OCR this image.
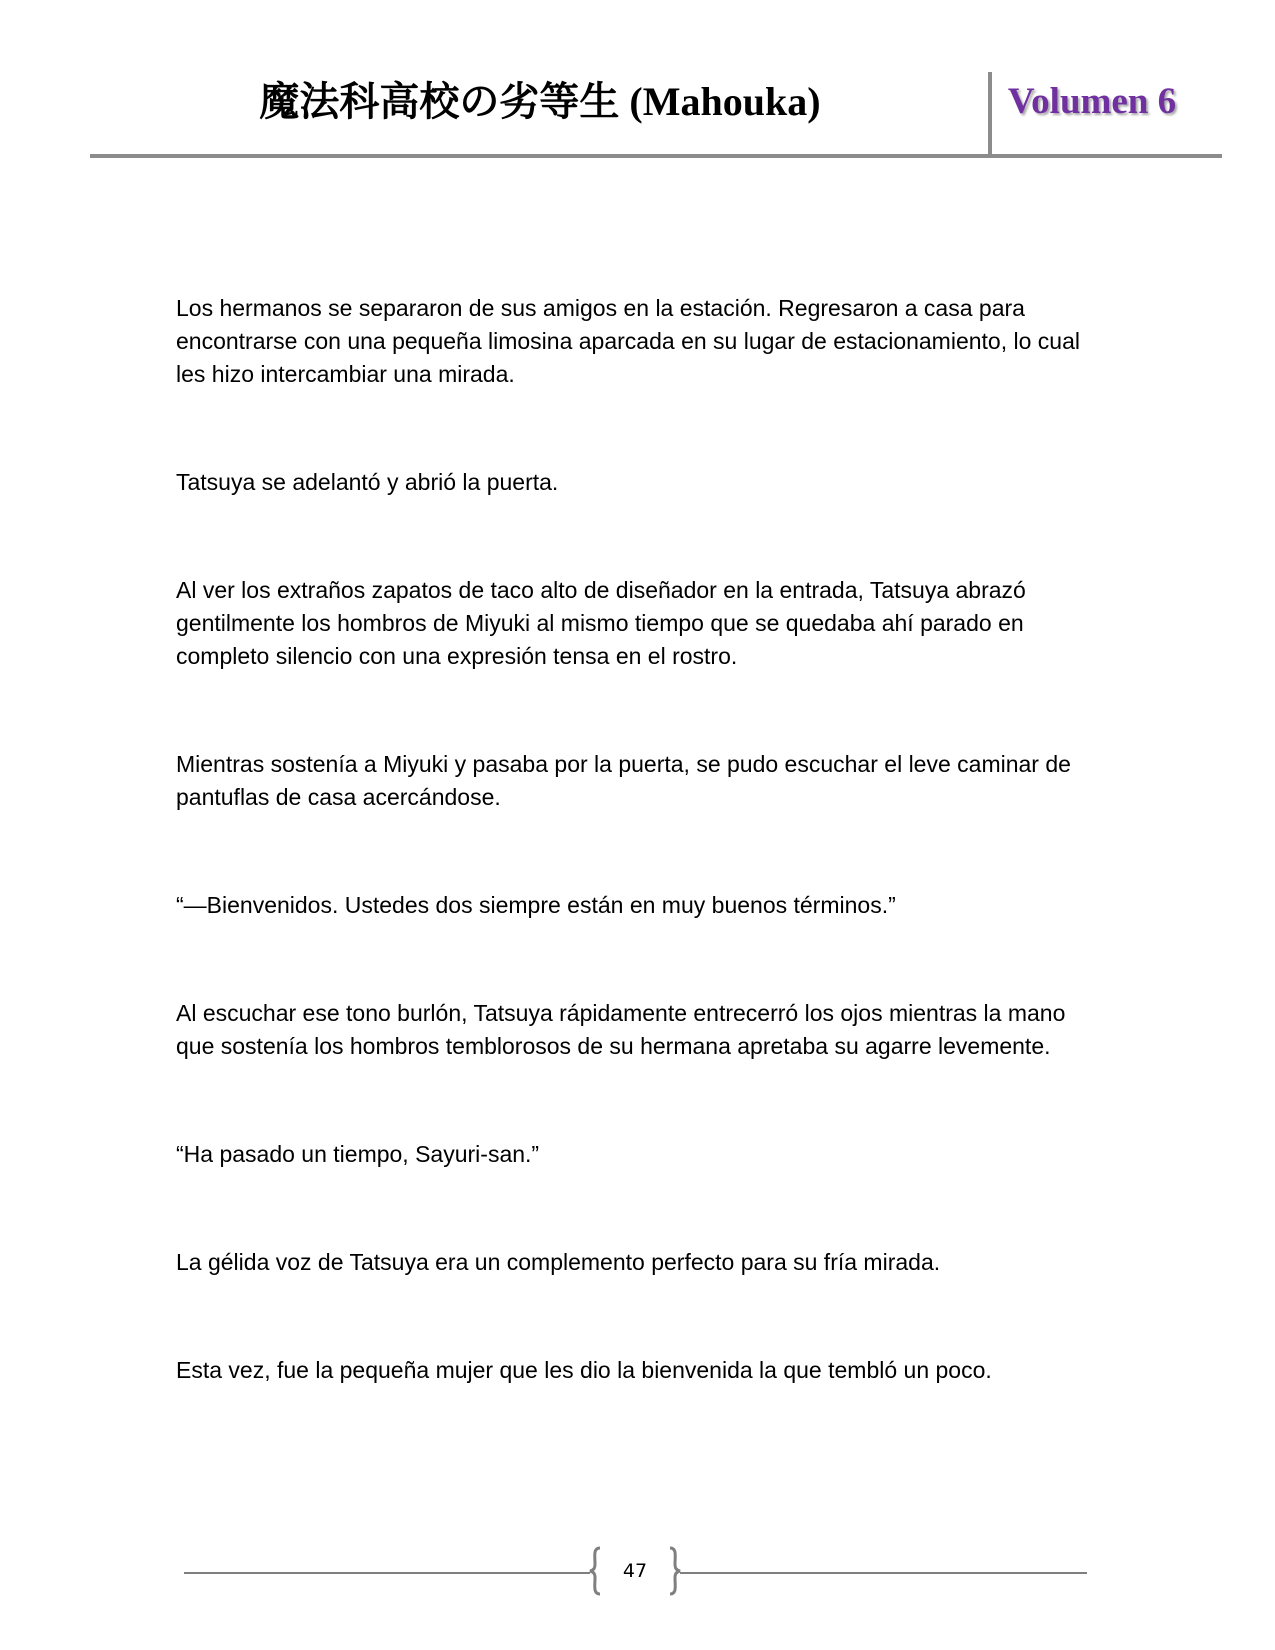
魔法科高校の劣等生 (Mahouka)	Volumen 6

Los hermanos se separaron de sus amigos en la estación. Regresaron a casa para encontrarse con una pequeña limosina aparcada en su lugar de estacionamiento, lo cual les hizo intercambiar una mirada.

Tatsuya se adelantó y abrió la puerta.

Al ver los extraños zapatos de taco alto de diseñador en la entrada, Tatsuya abrazó gentilmente los hombros de Miyuki al mismo tiempo que se quedaba ahí parado en completo silencio con una expresión tensa en el rostro.

Mientras sostenía a Miyuki y pasaba por la puerta, se pudo escuchar el leve caminar de pantuflas de casa acercándose.

“—Bienvenidos. Ustedes dos siempre están en muy buenos términos.”

Al escuchar ese tono burlón, Tatsuya rápidamente entrecerró los ojos mientras la mano que sostenía los hombros temblorosos de su hermana apretaba su agarre levemente.

“Ha pasado un tiempo, Sayuri-san.”

La gélida voz de Tatsuya era un complemento perfecto para su fría mirada.

Esta vez, fue la pequeña mujer que les dio la bienvenida la que tembló un poco.

47
